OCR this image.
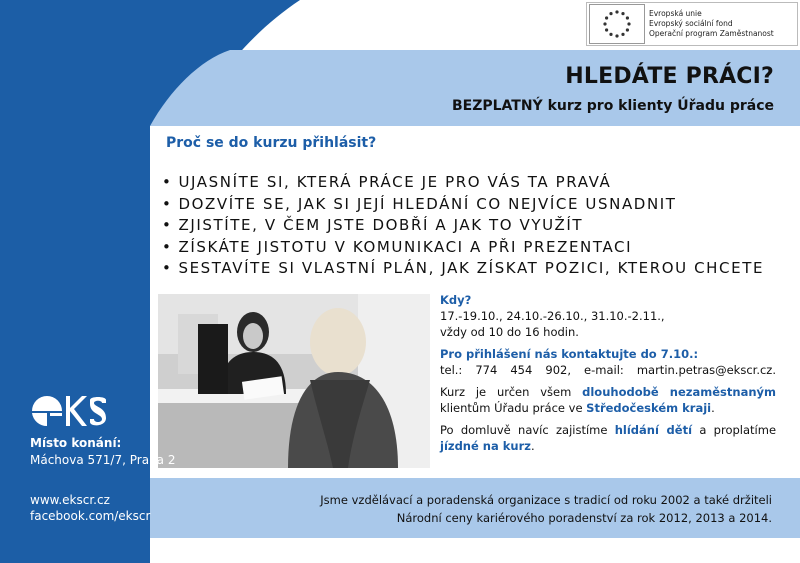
Evropská unie
Evropský sociální fond
Operační program Zaměstnanost
HLEDÁTE PRÁCI?
BEZPLATNÝ kurz pro klienty Úřadu práce
Proč se do kurzu přihlásit?
• UJASNÍTE SI, KTERÁ PRÁCE JE PRO VÁS TA PRAVÁ
• DOZVÍTE SE, JAK SI JEJÍ HLEDÁNÍ CO NEJVÍCE USNADNIT
• ZJISTÍTE, V ČEM JSTE DOBŘÍ A JAK TO VYUŽÍT
• ZÍSKÁTE JISTOTU V KOMUNIKACI A PŘI PREZENTACI
• SESTAVÍTE SI VLASTNÍ PLÁN, JAK ZÍSKAT POZICI, KTEROU CHCETE

Kdy?

17.-19.10., 24.10.-26.10., 31.10.-2.11.,

vždy od 10 do 16 hodin.

Pro přihlášení nás kontaktujte do 7.10.:

tel.: 774 454 902, e-mail: martin.petras@ekscr.cz.

Kurz je určen všem dlouhodobě nezaměstnaným

klientům Úřadu práce ve Středočeském kraji.

Po domluvě navíc zajistíme hlídání dětí a proplatíme

jízdné na kurz.

Místo konání:
Máchova 571/7, Praha 2
www.ekscr.cz
facebook.com/ekscr
Jsme vzdělávací a poradenská organizace s tradicí od roku 2002 a také držiteli
Národní ceny kariérového poradenství za rok 2012, 2013 a 2014.
